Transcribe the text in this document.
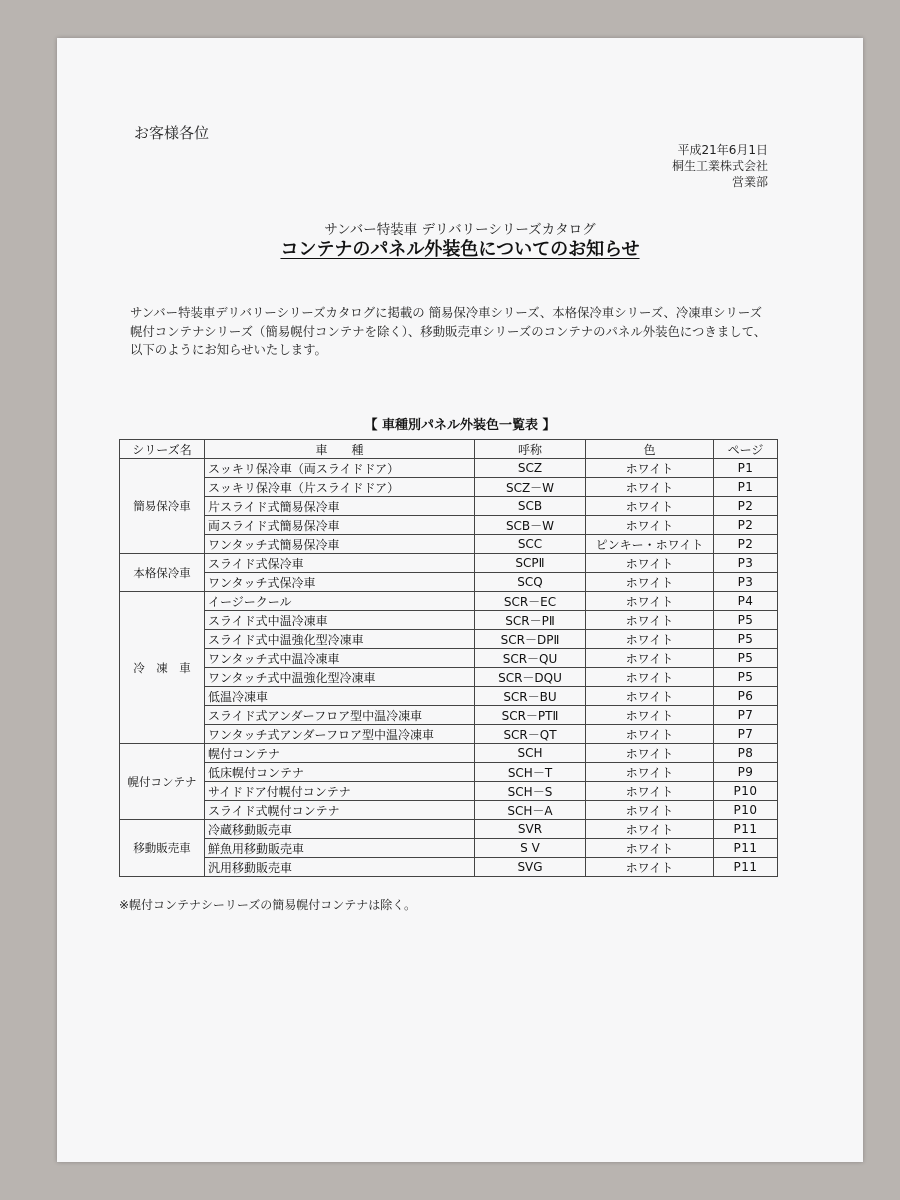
お客様各位
平成21年6月1日
桐生工業株式会社
営業部
サンバー特装車 デリバリーシリーズカタログ
コンテナのパネル外装色についてのお知らせ
サンバー特装車デリバリーシリーズカタログに掲載の 簡易保冷車シリーズ、本格保冷車シリーズ、冷凍車シリーズ
幌付コンテナシリーズ（簡易幌付コンテナを除く）、移動販売車シリーズのコンテナのパネル外装色につきまして、
以下のようにお知らせいたします。
【 車種別パネル外装色一覧表 】
シリーズ名	車　　種	呼称	色	ページ
簡易保冷車	スッキリ保冷車（両スライドドア）	SCZ	ホワイト	P1
	スッキリ保冷車（片スライドドア）	SCZ－W	ホワイト	P1
	片スライド式簡易保冷車	SCB	ホワイト	P2
	両スライド式簡易保冷車	SCB－W	ホワイト	P2
	ワンタッチ式簡易保冷車	SCC	ピンキー・ホワイト	P2
本格保冷車	スライド式保冷車	SCPⅡ	ホワイト	P3
	ワンタッチ式保冷車	SCQ	ホワイト	P3
冷　凍　車	イージークール	SCR－EC	ホワイト	P4
	スライド式中温冷凍車	SCR－PⅡ	ホワイト	P5
	スライド式中温強化型冷凍車	SCR－DPⅡ	ホワイト	P5
	ワンタッチ式中温冷凍車	SCR－QU	ホワイト	P5
	ワンタッチ式中温強化型冷凍車	SCR－DQU	ホワイト	P5
	低温冷凍車	SCR－BU	ホワイト	P6
	スライド式アンダーフロア型中温冷凍車	SCR－PTⅡ	ホワイト	P7
	ワンタッチ式アンダーフロア型中温冷凍車	SCR－QT	ホワイト	P7
幌付コンテナ	幌付コンテナ	SCH	ホワイト	P8
	低床幌付コンテナ	SCH－T	ホワイト	P9
	サイドドア付幌付コンテナ	SCH－S	ホワイト	P10
	スライド式幌付コンテナ	SCH－A	ホワイト	P10
移動販売車	冷蔵移動販売車	SVR	ホワイト	P11
	鮮魚用移動販売車	S V	ホワイト	P11
	汎用移動販売車	SVG	ホワイト	P11
※幌付コンテナシーリーズの簡易幌付コンテナは除く。
